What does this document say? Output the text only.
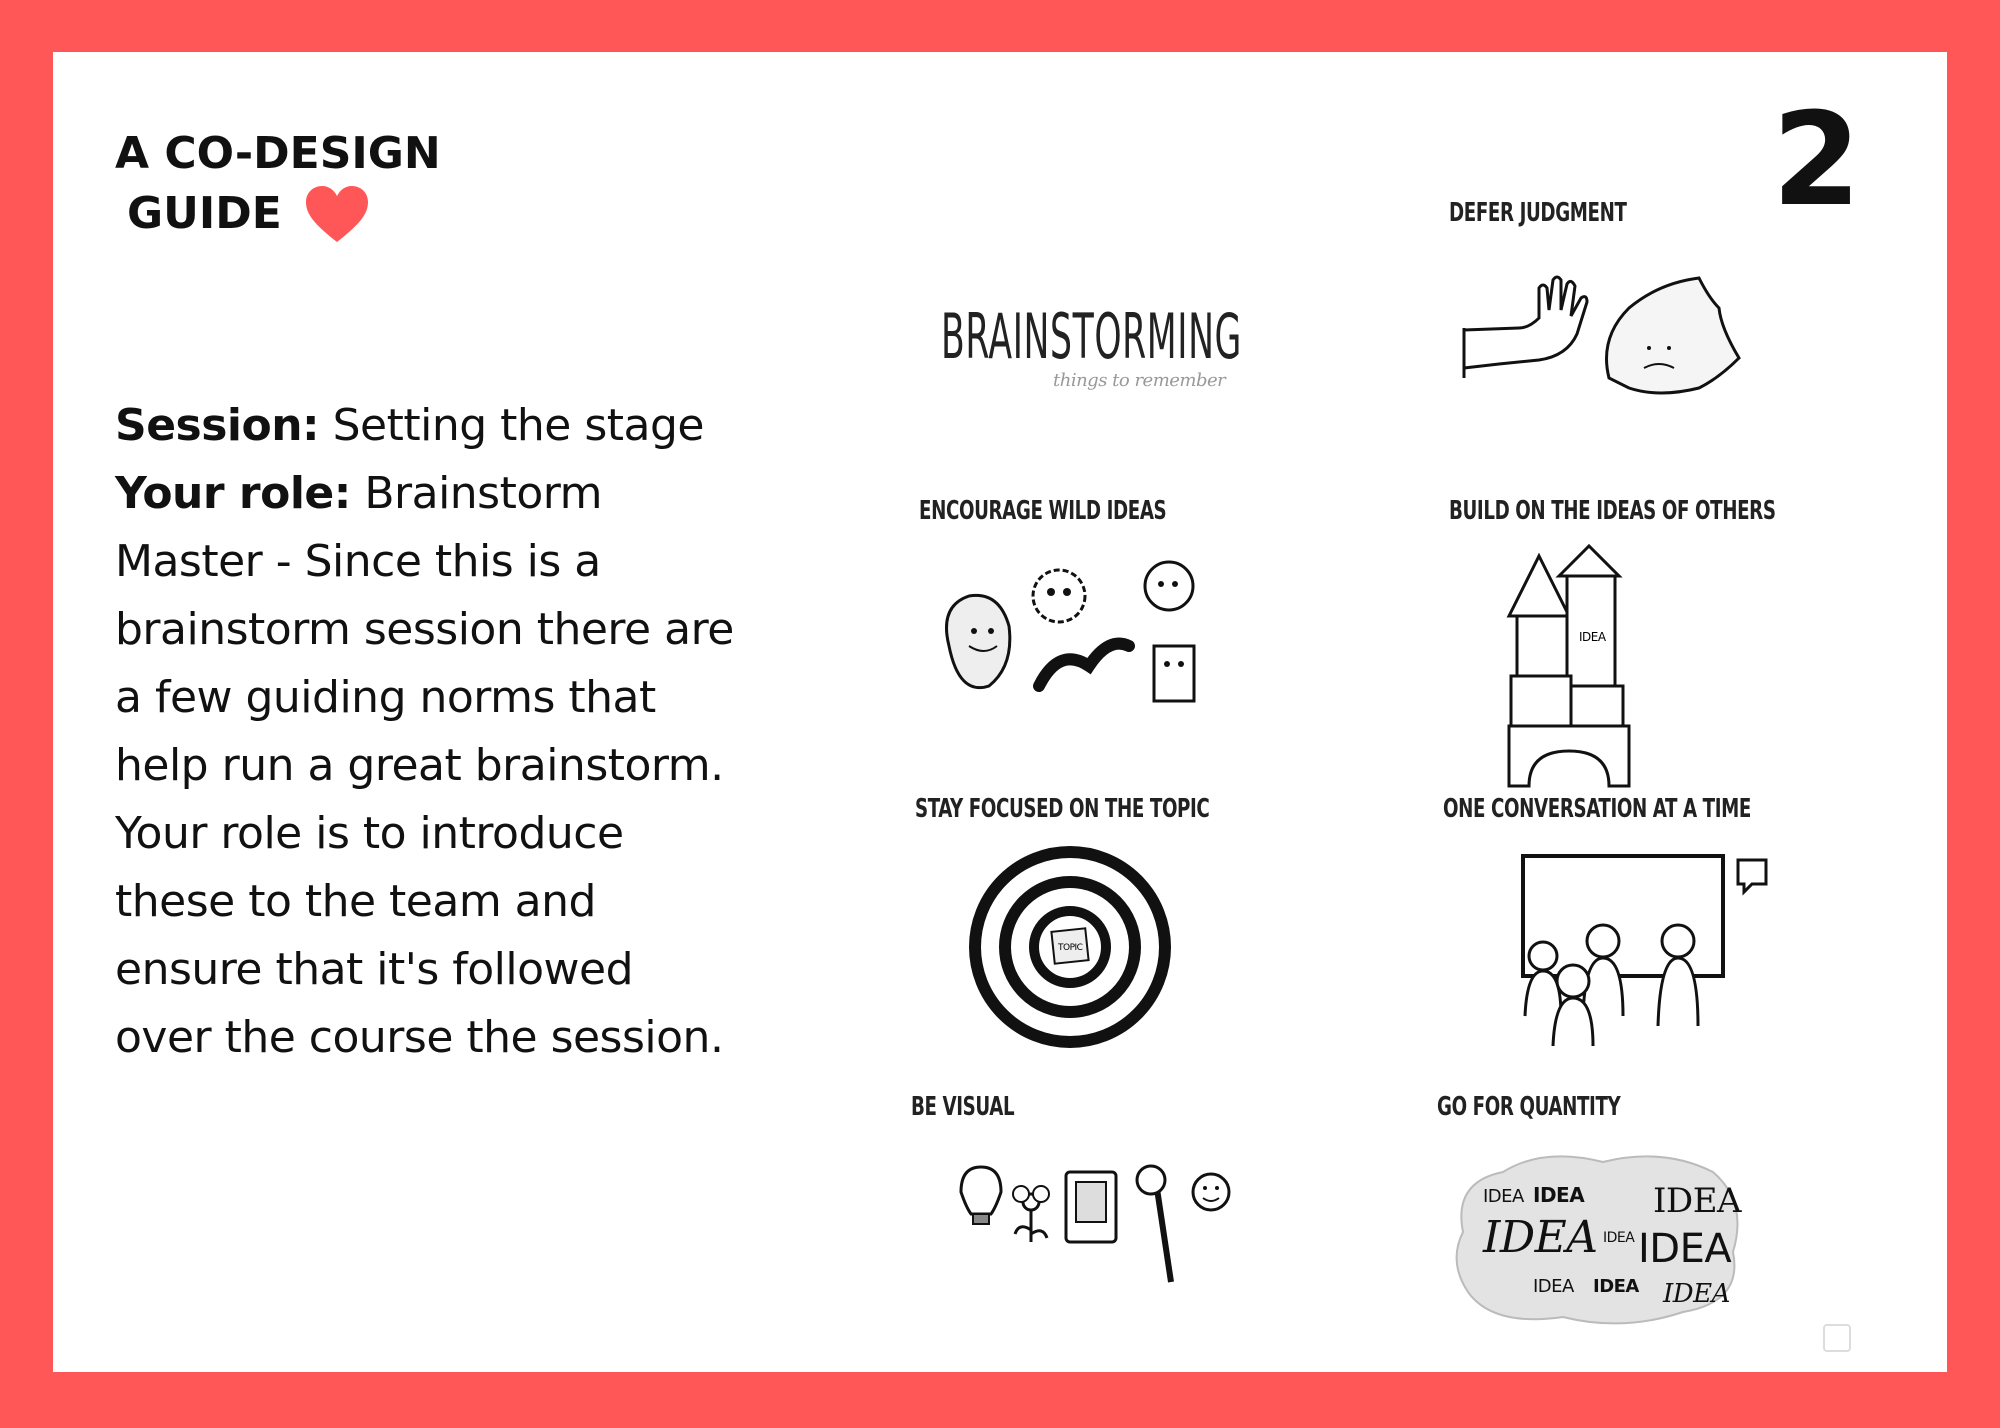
A CO-DESIGN
GUIDE	2
Session: Setting the stage
Your role: Brainstorm Master - Since this is a brainstorm session there are a few guiding norms that help run a great brainstorm. Your role is to introduce these to the team and ensure that it's followed over the course the session.
BRAINSTORMING
things to remember
DEFER JUDGMENT
ENCOURAGE WILD IDEAS	BUILD ON THE IDEAS OF OTHERS
IDEA
STAY FOCUSED ON THE TOPIC
TOPIC
ONE CONVERSATION AT A TIME
BE VISUAL	GO FOR QUANTITY
IDEA IDEA
IDEA
IDEA
IDEA
IDEA IDEA IDEA
IDEA
